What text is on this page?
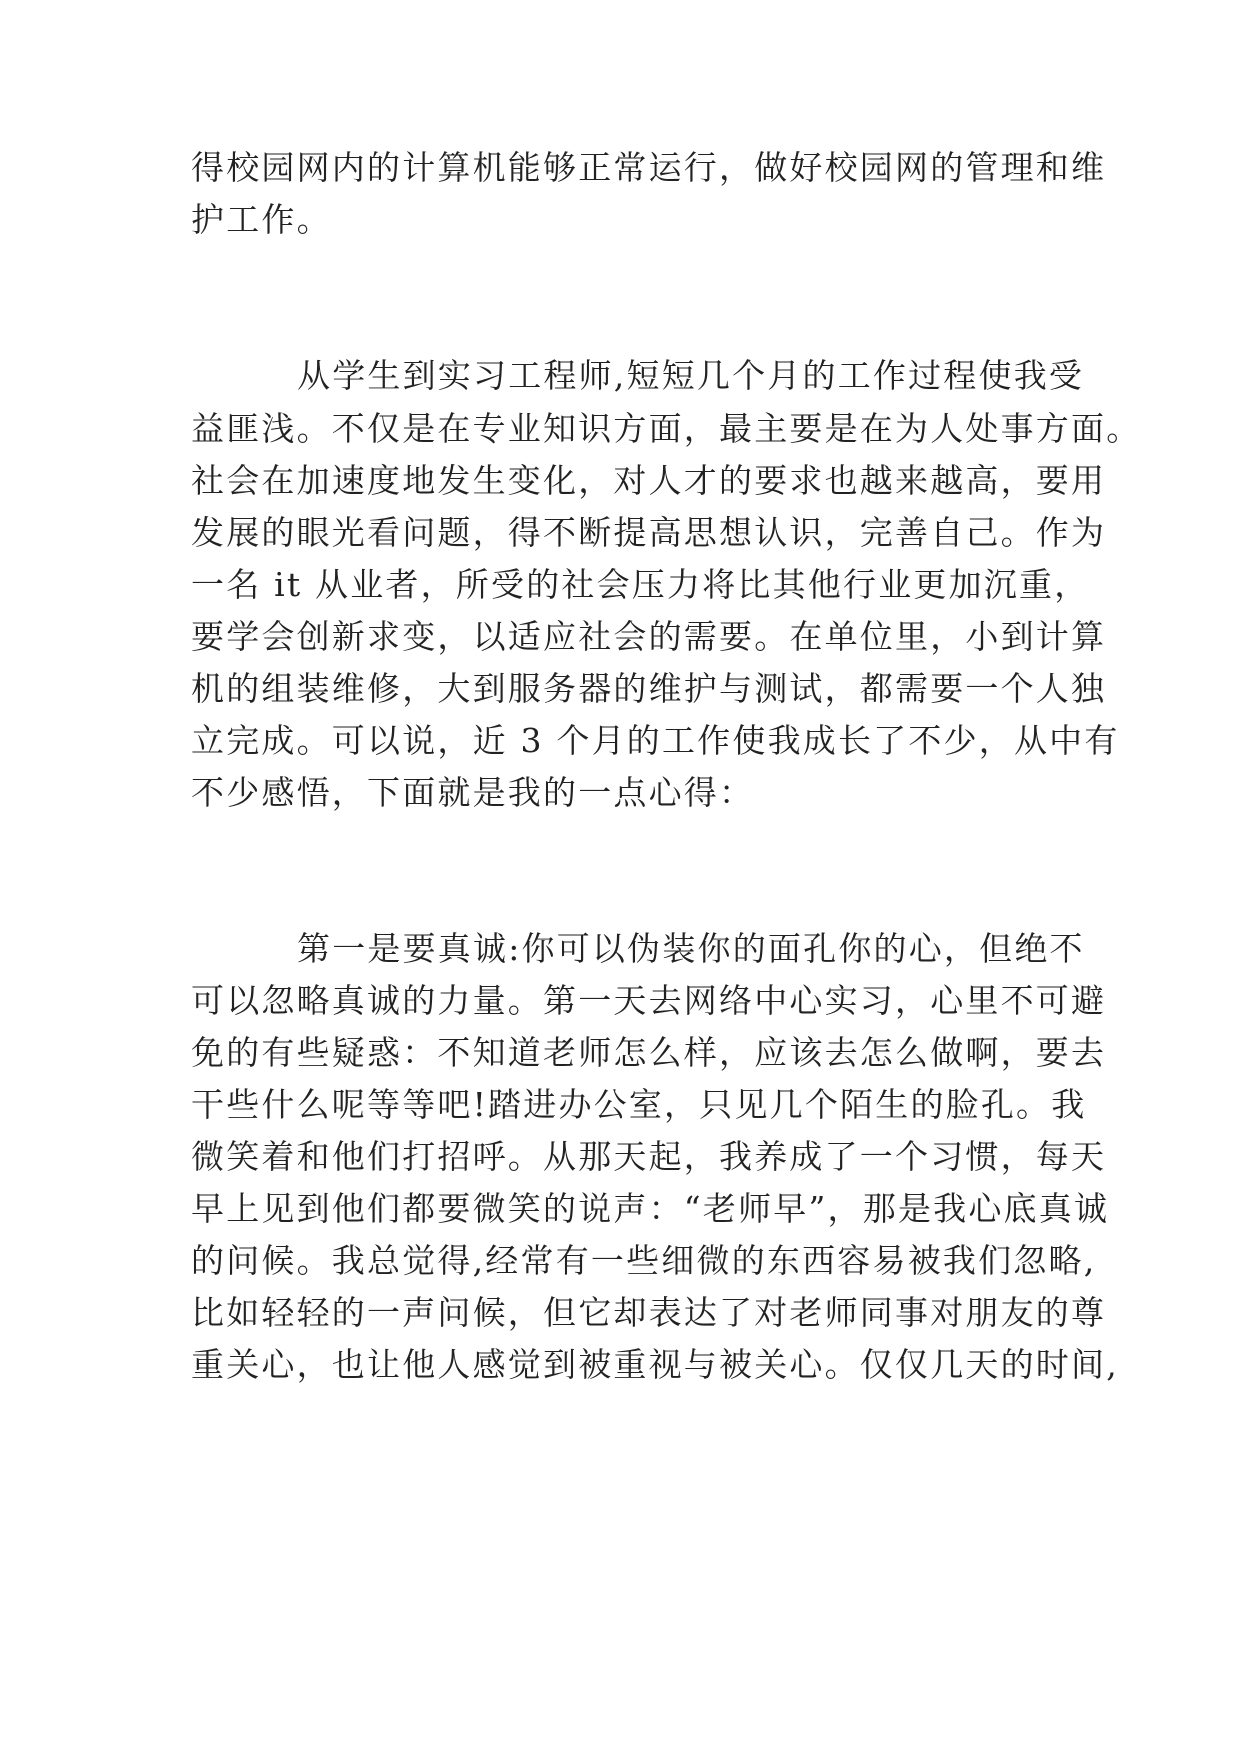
得校园网内的计算机能够正常运行，做好校园网的管理和维
护工作。
从学生到实习工程师,短短几个月的工作过程使我受
益匪浅。不仅是在专业知识方面，最主要是在为人处事方面。
社会在加速度地发生变化，对人才的要求也越来越高，要用
发展的眼光看问题，得不断提高思想认识，完善自己。作为
一名 it 从业者，所受的社会压力将比其他行业更加沉重，
要学会创新求变，以适应社会的需要。在单位里，小到计算
机的组装维修，大到服务器的维护与测试，都需要一个人独
立完成。可以说，近 3 个月的工作使我成长了不少，从中有
不少感悟，下面就是我的一点心得：
第一是要真诚:你可以伪装你的面孔你的心，但绝不
可以忽略真诚的力量。第一天去网络中心实习，心里不可避
免的有些疑惑：不知道老师怎么样，应该去怎么做啊，要去
干些什么呢等等吧!踏进办公室，只见几个陌生的脸孔。我
微笑着和他们打招呼。从那天起，我养成了一个习惯，每天
早上见到他们都要微笑的说声：“老师早”，那是我心底真诚
的问候。我总觉得,经常有一些细微的东西容易被我们忽略,
比如轻轻的一声问候，但它却表达了对老师同事对朋友的尊
重关心，也让他人感觉到被重视与被关心。仅仅几天的时间,
